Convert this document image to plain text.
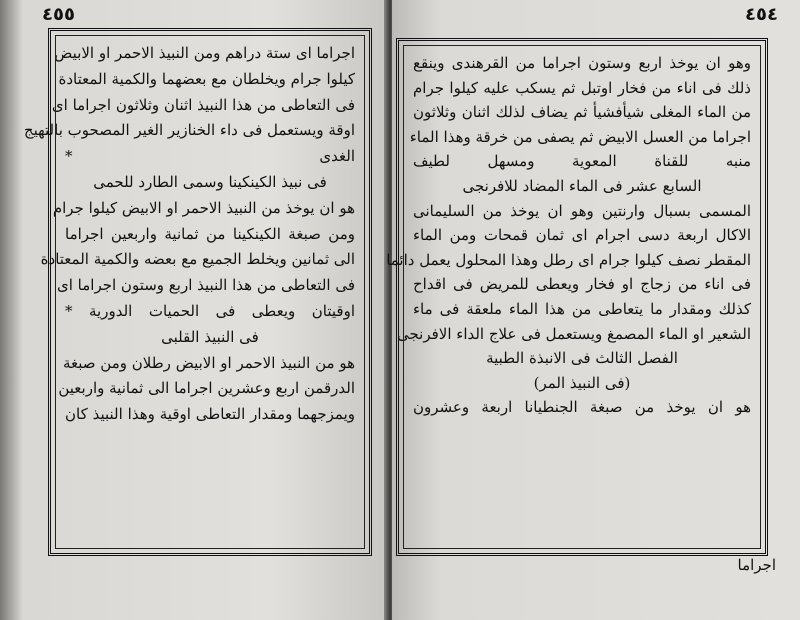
٤٥٥
اجراما اى ستة دراهم ومن النبيذ الاحمر او الابيض
كيلوا جرام ويخلطان مع بعضهما والكمية المعتادة
فى التعاطى من هذا النبيذ اثنان وثلاثون اجراما اى
اوقة ويستعمل فى داء الخنازير الغير المصحوب بالتهيج
الغدى *
فى نبيذ الكينكينا وسمى الطارد للحمى
هو ان يوخذ من النبيذ الاحمر او الابيض كيلوا جرام
ومن صبغة الكينكينا من ثمانية واربعين اجراما
الى ثمانين ويخلط الجميع مع بعضه والكمية المعتادة
فى التعاطى من هذا النبيذ اربع وستون اجراما اى
اوقيتان ويعطى فى الحميات الدورية *
فى النبيذ القلبى
هو من النبيذ الاحمر او الابيض رطلان ومن صبغة
الدرقمن اربع وعشرين اجراما الى ثمانية واربعين
ويمزجهما ومقدار التعاطى اوقية وهذا النبيذ كان
٤٥٤
وهو ان يوخذ اربع وستون اجراما من القرهندى وينقع
ذلك فى اناء من فخار اوتبل ثم يسكب عليه كيلوا جرام
من الماء المغلى شيأفشيأ ثم يضاف لذلك اثنان وثلاثون
اجراما من العسل الابيض ثم يصفى من خرقة وهذا الماء
منبه للقناة المعوية ومسهل لطيف
السابع عشر فى الماء المضاد للافرنجى
المسمى بسبال وارنتين وهو ان يوخذ من السليمانى
الاكال اربعة دسى اجرام اى ثمان قمحات ومن الماء
المقطر نصف كيلوا جرام اى رطل وهذا المحلول يعمل دائما
فى اناء من زجاج او فخار ويعطى للمريض فى اقداح
كذلك ومقدار ما يتعاطى من هذا الماء ملعقة فى ماء
الشعير او الماء المصمغ ويستعمل فى علاج الداء الافرنجى
الفصل الثالث فى الانبذة الطبية
(فى النبيذ المر)
هو ان يوخذ من صبغة الجنطيانا اربعة وعشرون
اجراما
